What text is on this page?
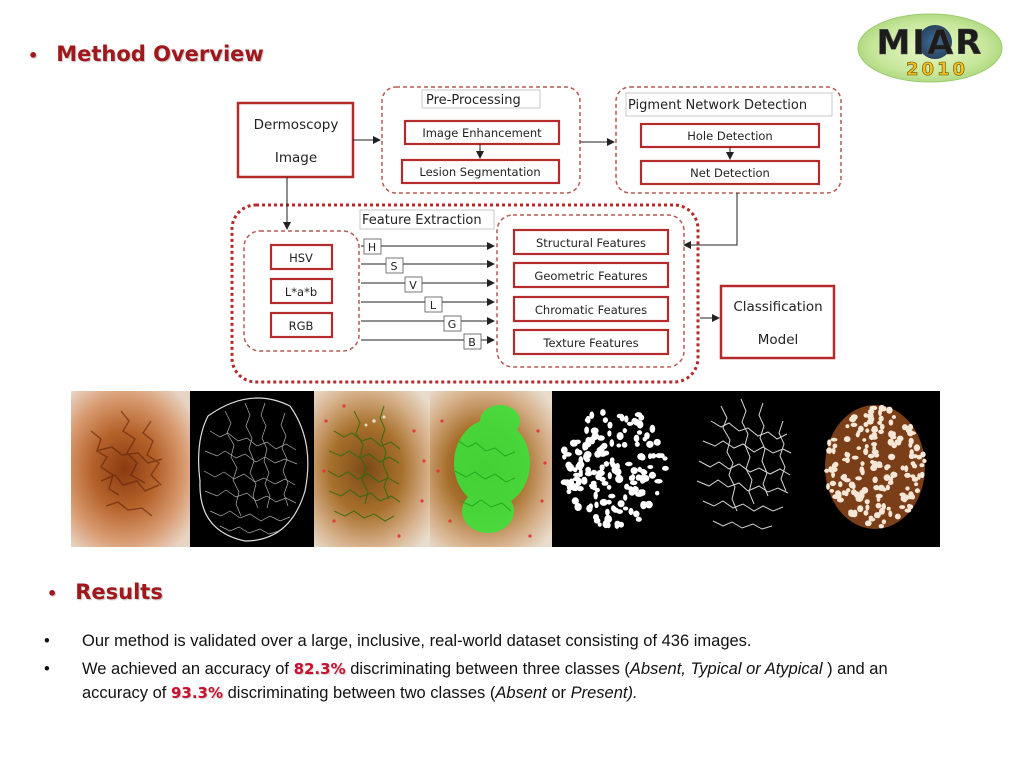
• Method Overview	MIAR
2010
Dermoscopy
Image
Pre-Processing
Image Enhancement
Lesion Segmentation
Pigment Network Detection
Hole Detection
Net Detection
Feature Extraction
HSV
L*a*b
RGB
H
S
V
L
G
B
Structural Features
Geometric Features
Chromatic Features
Texture Features
Classification
Model
• Results
• Our method is validated over a large, inclusive, real-world dataset consisting of 436 images.
• We achieved an accuracy of 82.3% discriminating between three classes (Absent, Typical or Atypical ) and an accuracy of 93.3% discriminating between two classes (Absent or Present).
